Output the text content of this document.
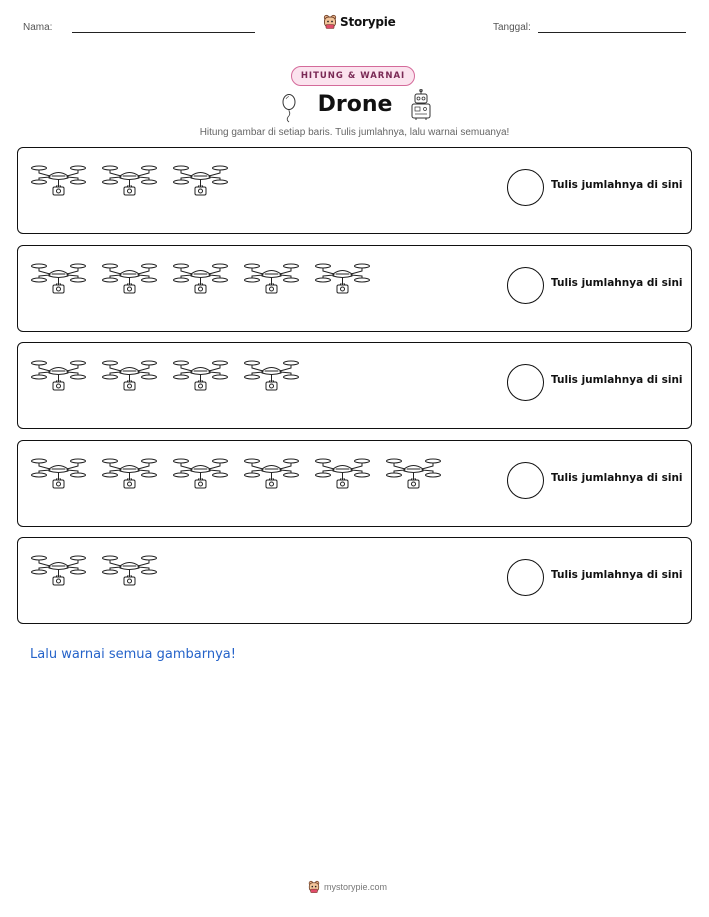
Nama:	Storypie	Tanggal:
HITUNG & WARNAI
Drone
Hitung gambar di setiap baris. Tulis jumlahnya, lalu warnai semuanya!
Tulis jumlahnya di sini
Tulis jumlahnya di sini
Tulis jumlahnya di sini
Tulis jumlahnya di sini
Tulis jumlahnya di sini
Lalu warnai semua gambarnya!
mystorypie.com
